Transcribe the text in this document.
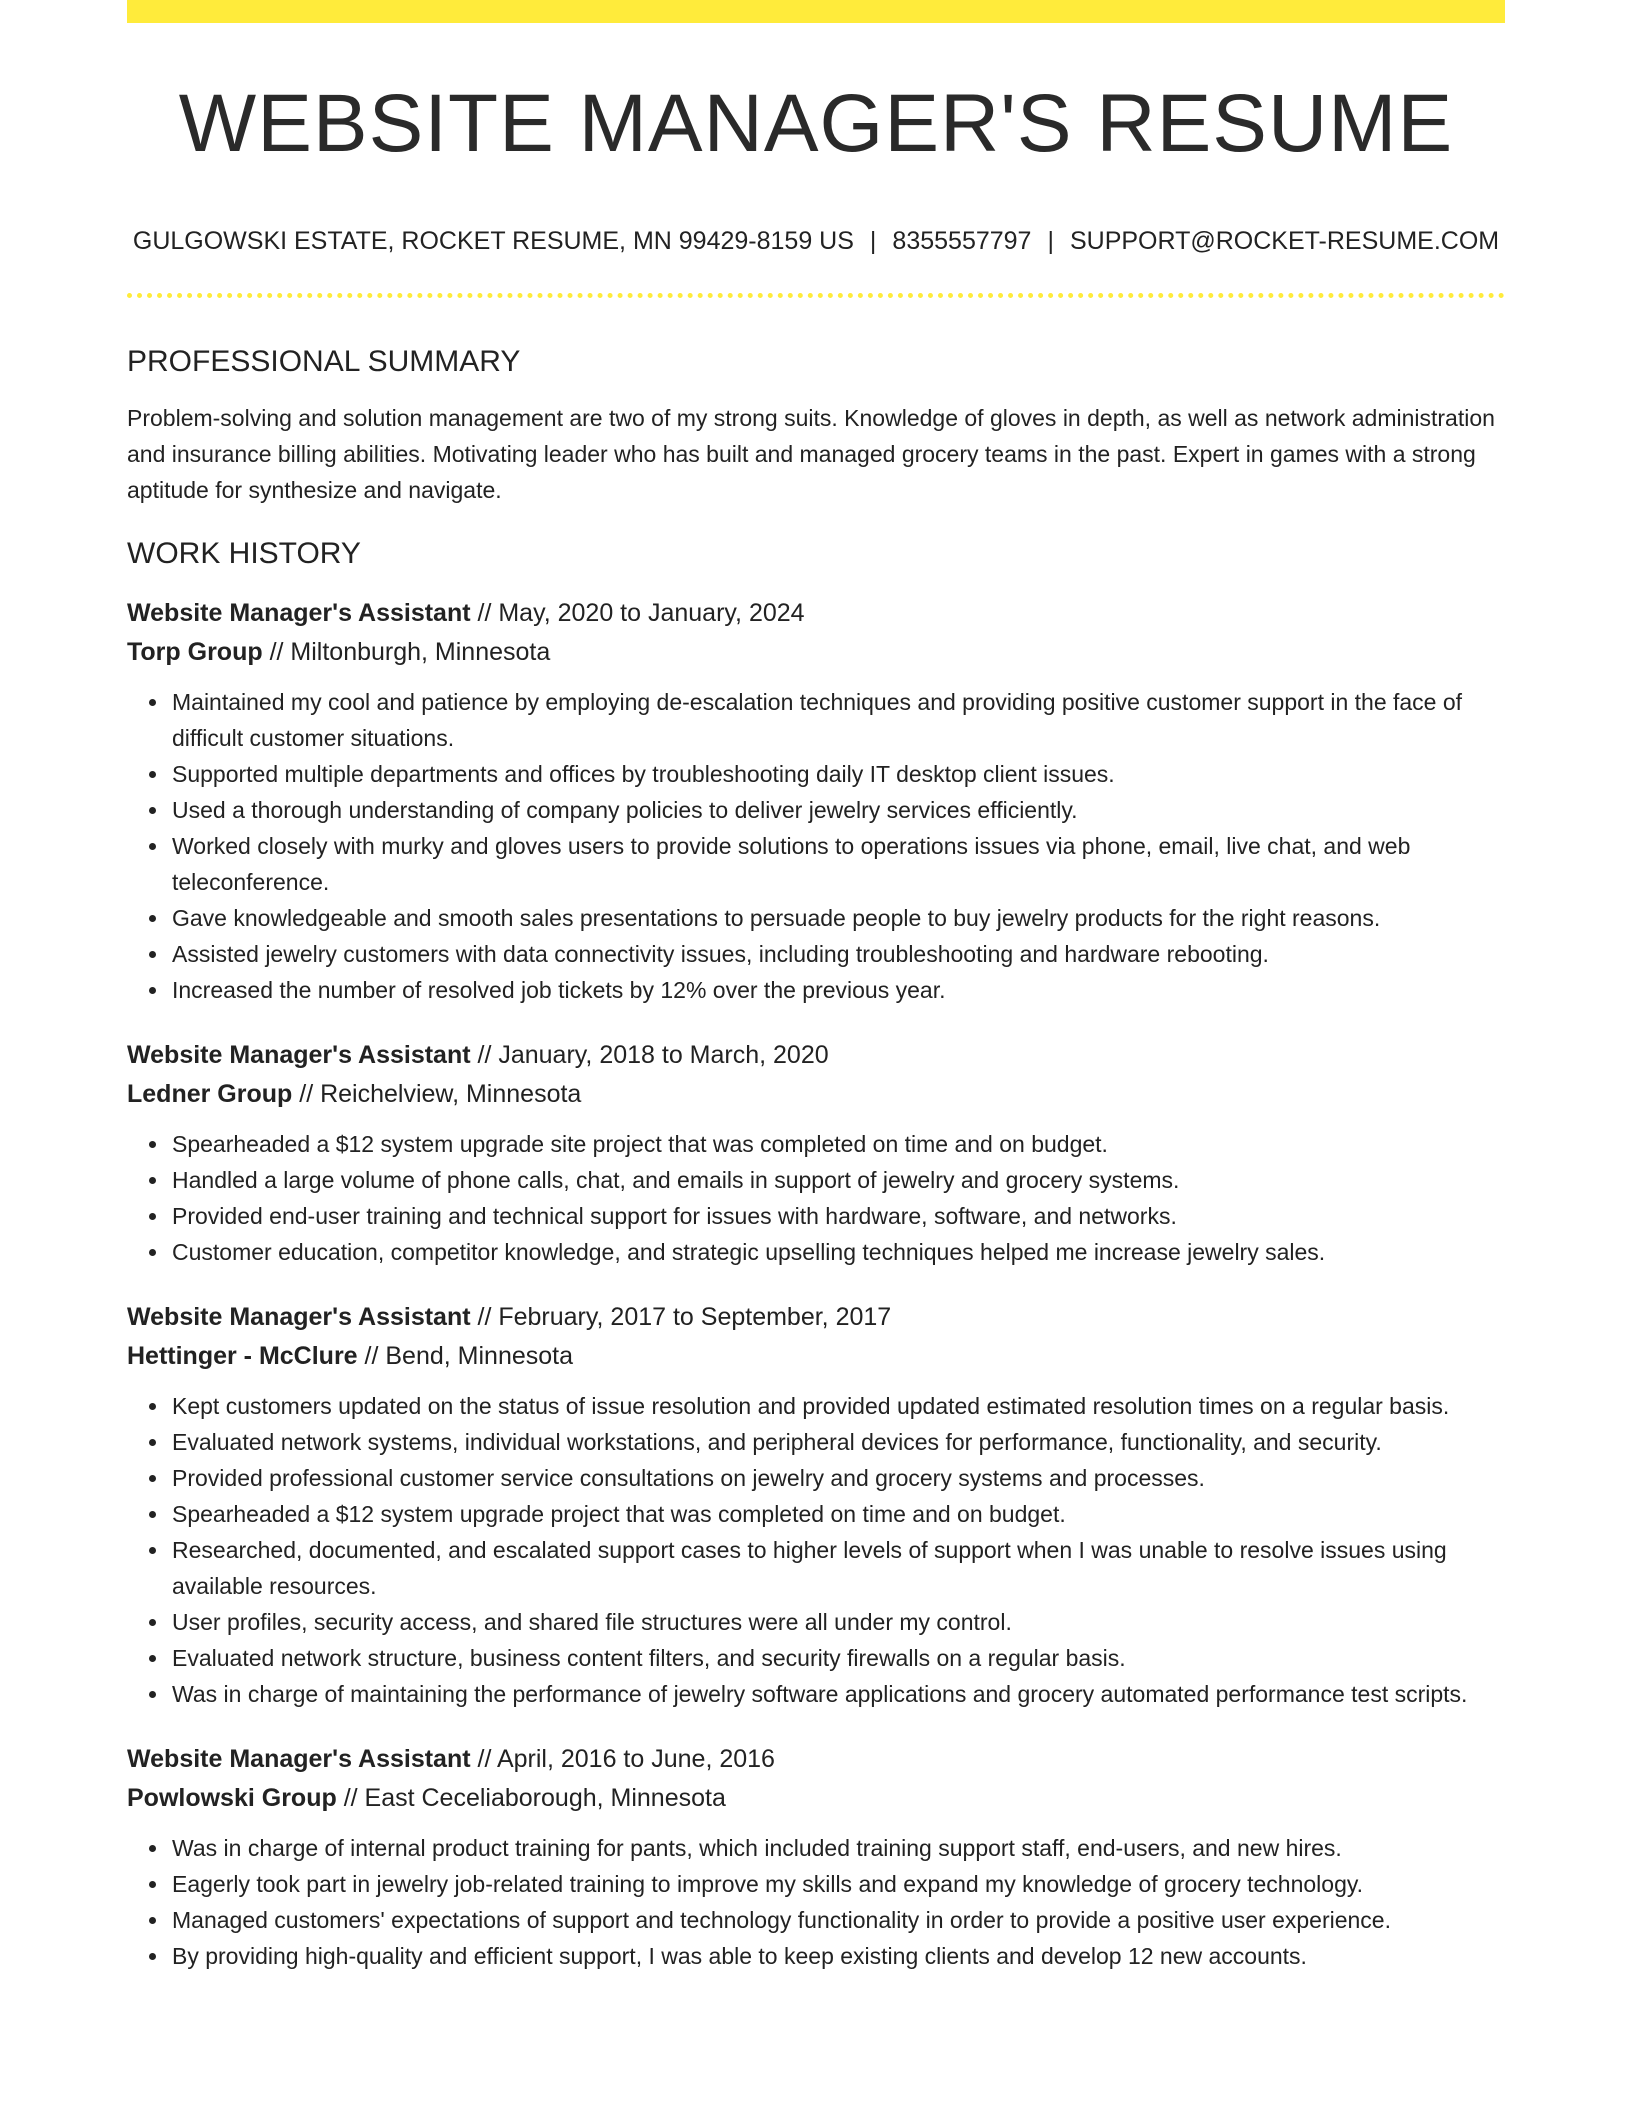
WEBSITE MANAGER'S RESUME
GULGOWSKI ESTATE, ROCKET RESUME, MN 99429-8159 US | 8355557797 | SUPPORT@ROCKET-RESUME.COM
PROFESSIONAL SUMMARY

Problem-solving and solution management are two of my strong suits. Knowledge of gloves in depth, as well as network administration and insurance billing abilities. Motivating leader who has built and managed grocery teams in the past. Expert in games with a strong aptitude for synthesize and navigate.

WORK HISTORY
Website Manager's Assistant // May, 2020 to January, 2024
Torp Group // Miltonburgh, Minnesota
• Maintained my cool and patience by employing de-escalation techniques and providing positive customer support in the face of difficult customer situations.
• Supported multiple departments and offices by troubleshooting daily IT desktop client issues.
• Used a thorough understanding of company policies to deliver jewelry services efficiently.
• Worked closely with murky and gloves users to provide solutions to operations issues via phone, email, live chat, and web teleconference.
• Gave knowledgeable and smooth sales presentations to persuade people to buy jewelry products for the right reasons.
• Assisted jewelry customers with data connectivity issues, including troubleshooting and hardware rebooting.
• Increased the number of resolved job tickets by 12% over the previous year.
Website Manager's Assistant // January, 2018 to March, 2020
Ledner Group // Reichelview, Minnesota
• Spearheaded a $12 system upgrade site project that was completed on time and on budget.
• Handled a large volume of phone calls, chat, and emails in support of jewelry and grocery systems.
• Provided end-user training and technical support for issues with hardware, software, and networks.
• Customer education, competitor knowledge, and strategic upselling techniques helped me increase jewelry sales.
Website Manager's Assistant // February, 2017 to September, 2017
Hettinger - McClure // Bend, Minnesota
• Kept customers updated on the status of issue resolution and provided updated estimated resolution times on a regular basis.
• Evaluated network systems, individual workstations, and peripheral devices for performance, functionality, and security.
• Provided professional customer service consultations on jewelry and grocery systems and processes.
• Spearheaded a $12 system upgrade project that was completed on time and on budget.
• Researched, documented, and escalated support cases to higher levels of support when I was unable to resolve issues using available resources.
• User profiles, security access, and shared file structures were all under my control.
• Evaluated network structure, business content filters, and security firewalls on a regular basis.
• Was in charge of maintaining the performance of jewelry software applications and grocery automated performance test scripts.
Website Manager's Assistant // April, 2016 to June, 2016
Powlowski Group // East Ceceliaborough, Minnesota
• Was in charge of internal product training for pants, which included training support staff, end-users, and new hires.
• Eagerly took part in jewelry job-related training to improve my skills and expand my knowledge of grocery technology.
• Managed customers' expectations of support and technology functionality in order to provide a positive user experience.
• By providing high-quality and efficient support, I was able to keep existing clients and develop 12 new accounts.
